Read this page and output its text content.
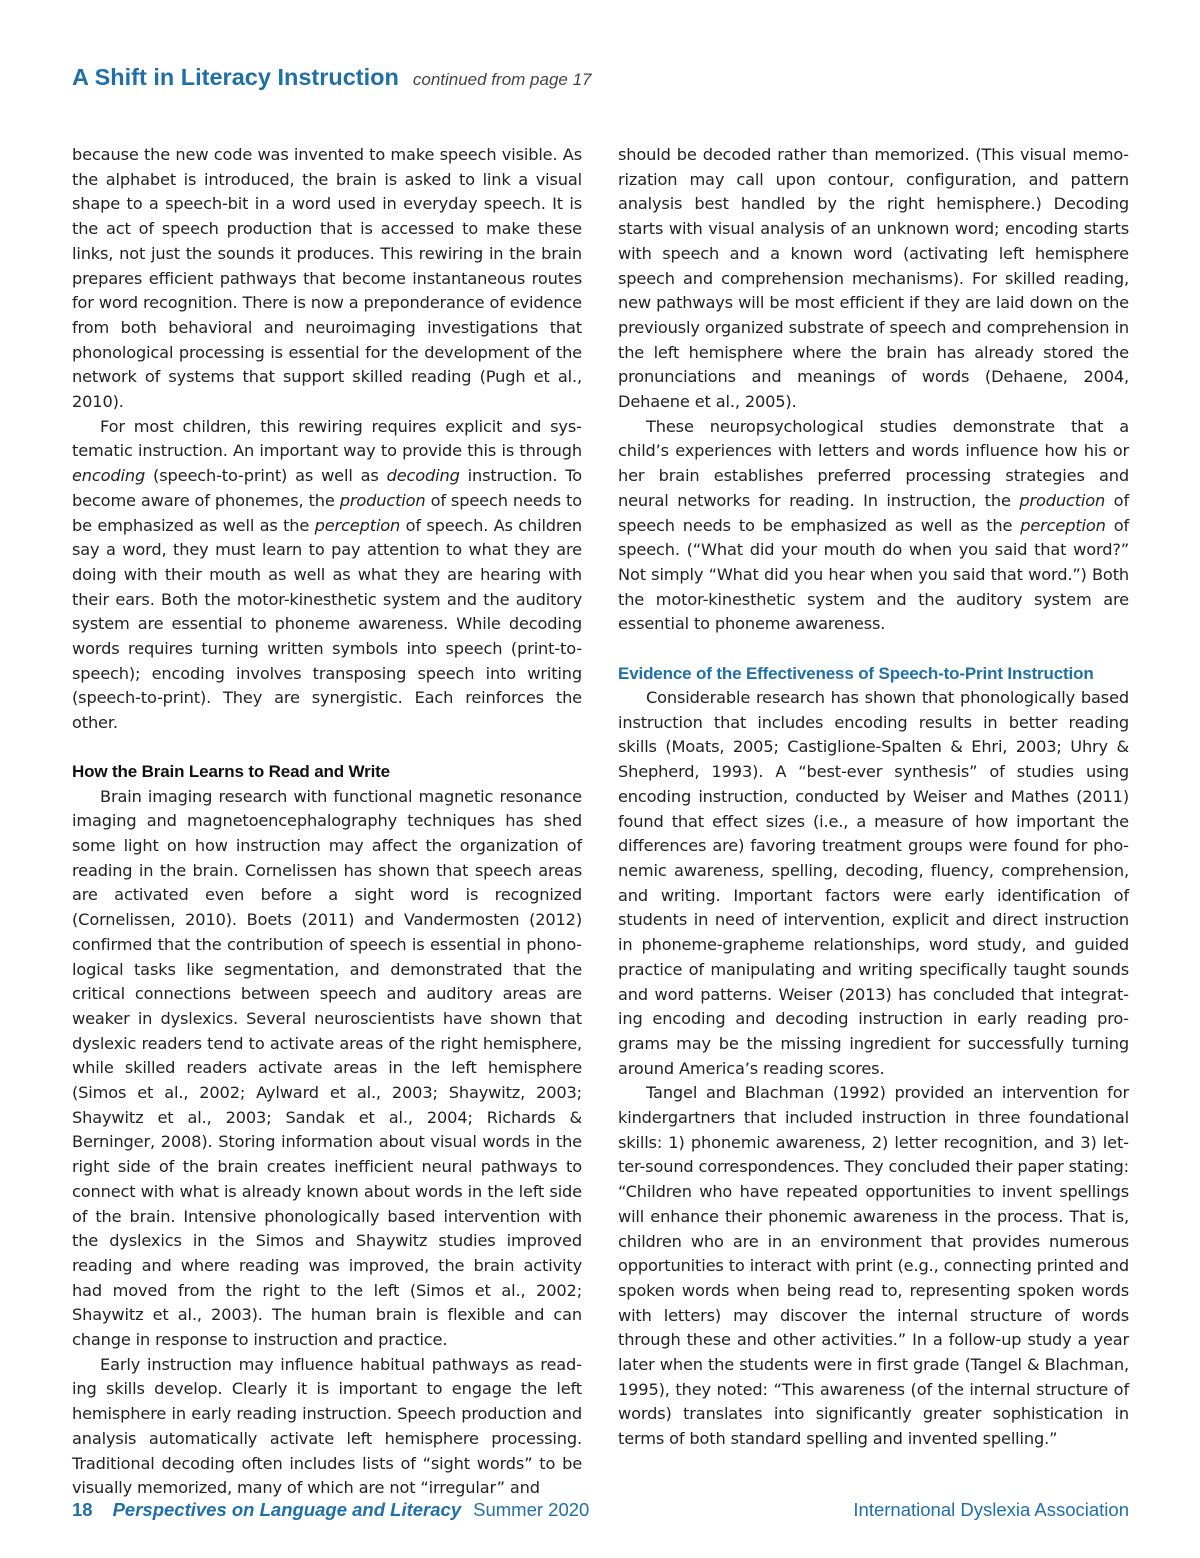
A Shift in Literacy Instruction continued from page 17

because the new code was invented to make speech visible. As the alphabet is introduced, the brain is asked to link a visual shape to a speech-bit in a word used in everyday speech. It is the act of speech production that is accessed to make these links, not just the sounds it produces. This rewiring in the brain prepares efficient pathways that become instantaneous routes for word recognition. There is now a preponderance of evidence from both behavioral and neuroimaging investigations that phonological processing is essential for the development of the network of systems that support skilled reading (Pugh et al., 2010).

For most children, this rewiring requires explicit and systematic instruction. An important way to provide this is through encoding (speech-to-print) as well as decoding instruction. To become aware of phonemes, the production of speech needs to be emphasized as well as the perception of speech. As children say a word, they must learn to pay attention to what they are doing with their mouth as well as what they are hearing with their ears. Both the motor-kinesthetic system and the auditory system are essential to phoneme awareness. While decoding words requires turning written symbols into speech (print-to-speech); encoding involves transposing speech into writing (speech-to-print). They are synergistic. Each reinforces the other.

How the Brain Learns to Read and Write

Brain imaging research with functional magnetic resonance imaging and magnetoencephalography techniques has shed some light on how instruction may affect the organization of reading in the brain. Cornelissen has shown that speech areas are activated even before a sight word is recognized (Cornelissen, 2010). Boets (2011) and Vandermosten (2012) confirmed that the contribution of speech is essential in phonological tasks like segmentation, and demonstrated that the critical connections between speech and auditory areas are weaker in dyslexics. Several neuroscientists have shown that dyslexic readers tend to activate areas of the right hemisphere, while skilled readers activate areas in the left hemisphere (Simos et al., 2002; Aylward et al., 2003; Shaywitz, 2003; Shaywitz et al., 2003; Sandak et al., 2004; Richards & Berninger, 2008). Storing information about visual words in the right side of the brain creates inefficient neural pathways to connect with what is already known about words in the left side of the brain. Intensive phonologically based intervention with the dyslexics in the Simos and Shaywitz studies improved reading and where reading was improved, the brain activity had moved from the right to the left (Simos et al., 2002; Shaywitz et al., 2003). The human brain is flexible and can change in response to instruction and practice.

Early instruction may influence habitual pathways as reading skills develop. Clearly it is important to engage the left hemisphere in early reading instruction. Speech production and analysis automatically activate left hemisphere processing. Traditional decoding often includes lists of “sight words” to be visually memorized, many of which are not “irregular” and

should be decoded rather than memorized. (This visual memorization may call upon contour, configuration, and pattern analysis best handled by the right hemisphere.) Decoding starts with visual analysis of an unknown word; encoding starts with speech and a known word (activating left hemisphere speech and comprehension mechanisms). For skilled reading, new pathways will be most efficient if they are laid down on the previously organized substrate of speech and comprehension in the left hemisphere where the brain has already stored the pronunciations and meanings of words (Dehaene, 2004, Dehaene et al., 2005).

These neuropsychological studies demonstrate that a child’s experiences with letters and words influence how his or her brain establishes preferred processing strategies and neural networks for reading. In instruction, the production of speech needs to be emphasized as well as the perception of speech. (“What did your mouth do when you said that word?” Not simply “What did you hear when you said that word.”) Both the motor-kinesthetic system and the auditory system are essential to phoneme awareness.

Evidence of the Effectiveness of Speech-to-Print Instruction

Considerable research has shown that phonologically based instruction that includes encoding results in better reading skills (Moats, 2005; Castiglione-Spalten & Ehri, 2003; Uhry & Shepherd, 1993). A “best-ever synthesis” of studies using encoding instruction, conducted by Weiser and Mathes (2011) found that effect sizes (i.e., a measure of how important the differences are) favoring treatment groups were found for phonemic awareness, spelling, decoding, fluency, comprehension, and writing. Important factors were early identification of students in need of intervention, explicit and direct instruction in phoneme-grapheme relationships, word study, and guided practice of manipulating and writing specifically taught sounds and word patterns. Weiser (2013) has concluded that integrating encoding and decoding instruction in early reading programs may be the missing ingredient for successfully turning around America’s reading scores.

Tangel and Blachman (1992) provided an intervention for kindergartners that included instruction in three foundational skills: 1) phonemic awareness, 2) letter recognition, and 3) letter-sound correspondences. They concluded their paper stating: “Children who have repeated opportunities to invent spellings will enhance their phonemic awareness in the process. That is, children who are in an environment that provides numerous opportunities to interact with print (e.g., connecting printed and spoken words when being read to, representing spoken words with letters) may discover the internal structure of words through these and other activities.” In a follow-up study a year later when the students were in first grade (Tangel & Blachman, 1995), they noted: “This awareness (of the internal structure of words) translates into significantly greater sophistication in terms of both standard spelling and invented spelling.”

18 Perspectives on Language and Literacy Summer 2020	International Dyslexia Association
